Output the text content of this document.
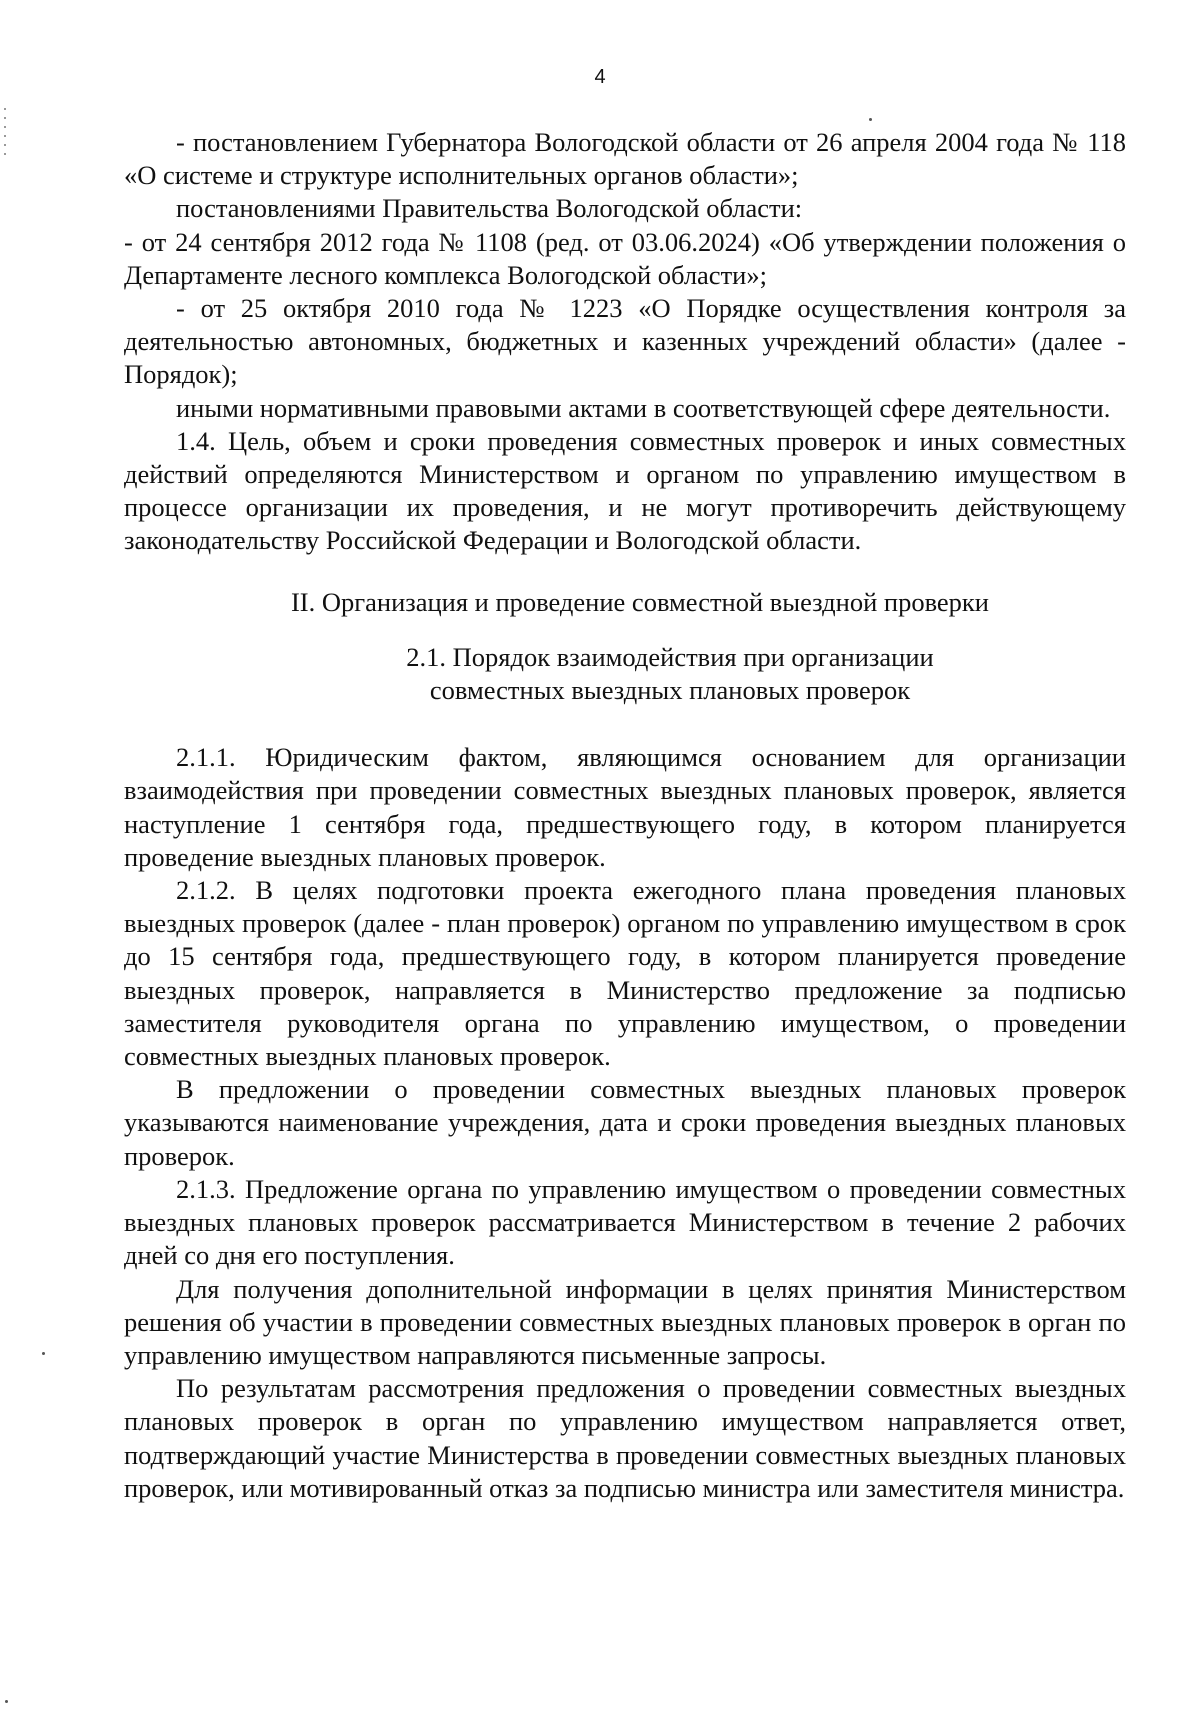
4

- постановлением Губернатора Вологодской области от 26 апреля 2004 года № 118 «О системе и структуре исполнительных органов области»;

постановлениями Правительства Вологодской области:

- от 24 сентября 2012 года № 1108 (ред. от 03.06.2024) «Об утверждении положения о Департаменте лесного комплекса Вологодской области»;

- от 25 октября 2010 года № 1223 «О Порядке осуществления контроля за деятельностью автономных, бюджетных и казенных учреждений области» (далее - Порядок);

иными нормативными правовыми актами в соответствующей сфере деятельности.

1.4. Цель, объем и сроки проведения совместных проверок и иных совместных действий определяются Министерством и органом по управлению имуществом в процессе организации их проведения, и не могут противоречить действующему законодательству Российской Федерации и Вологодской области.

II. Организация и проведение совместной выездной проверки

2.1. Порядок взаимодействия при организации
совместных выездных плановых проверок

2.1.1. Юридическим фактом, являющимся основанием для организации взаимодействия при проведении совместных выездных плановых проверок, является наступление 1 сентября года, предшествующего году, в котором планируется проведение выездных плановых проверок.

2.1.2. В целях подготовки проекта ежегодного плана проведения плановых выездных проверок (далее - план проверок) органом по управлению имуществом в срок до 15 сентября года, предшествующего году, в котором планируется проведение выездных проверок, направляется в Министерство предложение за подписью заместителя руководителя органа по управлению имуществом, о проведении совместных выездных плановых проверок.

В предложении о проведении совместных выездных плановых проверок указываются наименование учреждения, дата и сроки проведения выездных плановых проверок.

2.1.3. Предложение органа по управлению имуществом о проведении совместных выездных плановых проверок рассматривается Министерством в течение 2 рабочих дней со дня его поступления.

Для получения дополнительной информации в целях принятия Министерством решения об участии в проведении совместных выездных плановых проверок в орган по управлению имуществом направляются письменные запросы.

По результатам рассмотрения предложения о проведении совместных выездных плановых проверок в орган по управлению имуществом направляется ответ, подтверждающий участие Министерства в проведении совместных выездных плановых проверок, или мотивированный отказ за подписью министра или заместителя министра.
